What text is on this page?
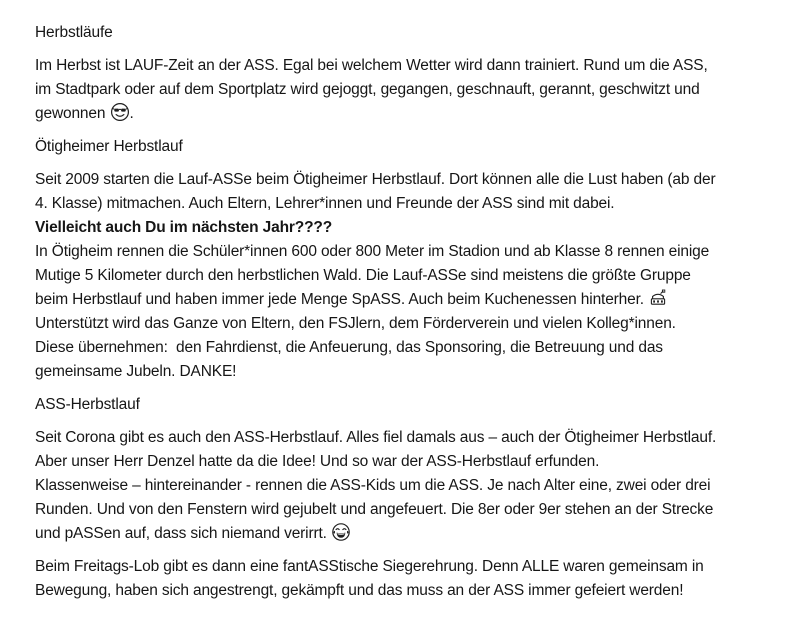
Herbstläufe
Im Herbst ist LAUF-Zeit an der ASS. Egal bei welchem Wetter wird dann trainiert. Rund um die ASS,
im Stadtpark oder auf dem Sportplatz wird gejoggt, gegangen, geschnauft, gerannt, geschwitzt und
gewonnen
.
Ötigheimer Herbstlauf
Seit 2009 starten die Lauf-ASSe beim Ötigheimer Herbstlauf. Dort können alle die Lust haben (ab der
4. Klasse) mitmachen. Auch Eltern, Lehrer*innen und Freunde der ASS sind mit dabei.
Vielleicht auch Du im nächsten Jahr????
In Ötigheim rennen die Schüler*innen 600 oder 800 Meter im Stadion und ab Klasse 8 rennen einige
Mutige 5 Kilometer durch den herbstlichen Wald. Die Lauf-ASSe sind meistens die größte Gruppe
beim Herbstlauf und haben immer jede Menge SpASS. Auch beim Kuchenessen hinterher.
Unterstützt wird das Ganze von Eltern, den FSJlern, dem Förderverein und vielen Kolleg*innen.
Diese übernehmen:  den Fahrdienst, die Anfeuerung, das Sponsoring, die Betreuung und das
gemeinsame Jubeln. DANKE!
ASS-Herbstlauf
Seit Corona gibt es auch den ASS-Herbstlauf. Alles fiel damals aus – auch der Ötigheimer Herbstlauf.
Aber unser Herr Denzel hatte da die Idee! Und so war der ASS-Herbstlauf erfunden.
Klassenweise – hintereinander - rennen die ASS-Kids um die ASS. Je nach Alter eine, zwei oder drei
Runden. Und von den Fenstern wird gejubelt und angefeuert. Die 8er oder 9er stehen an der Strecke
und pASSen auf, dass sich niemand verirrt.
Beim Freitags-Lob gibt es dann eine fantASStische Siegerehrung. Denn ALLE waren gemeinsam in
Bewegung, haben sich angestrengt, gekämpft und das muss an der ASS immer gefeiert werden!
